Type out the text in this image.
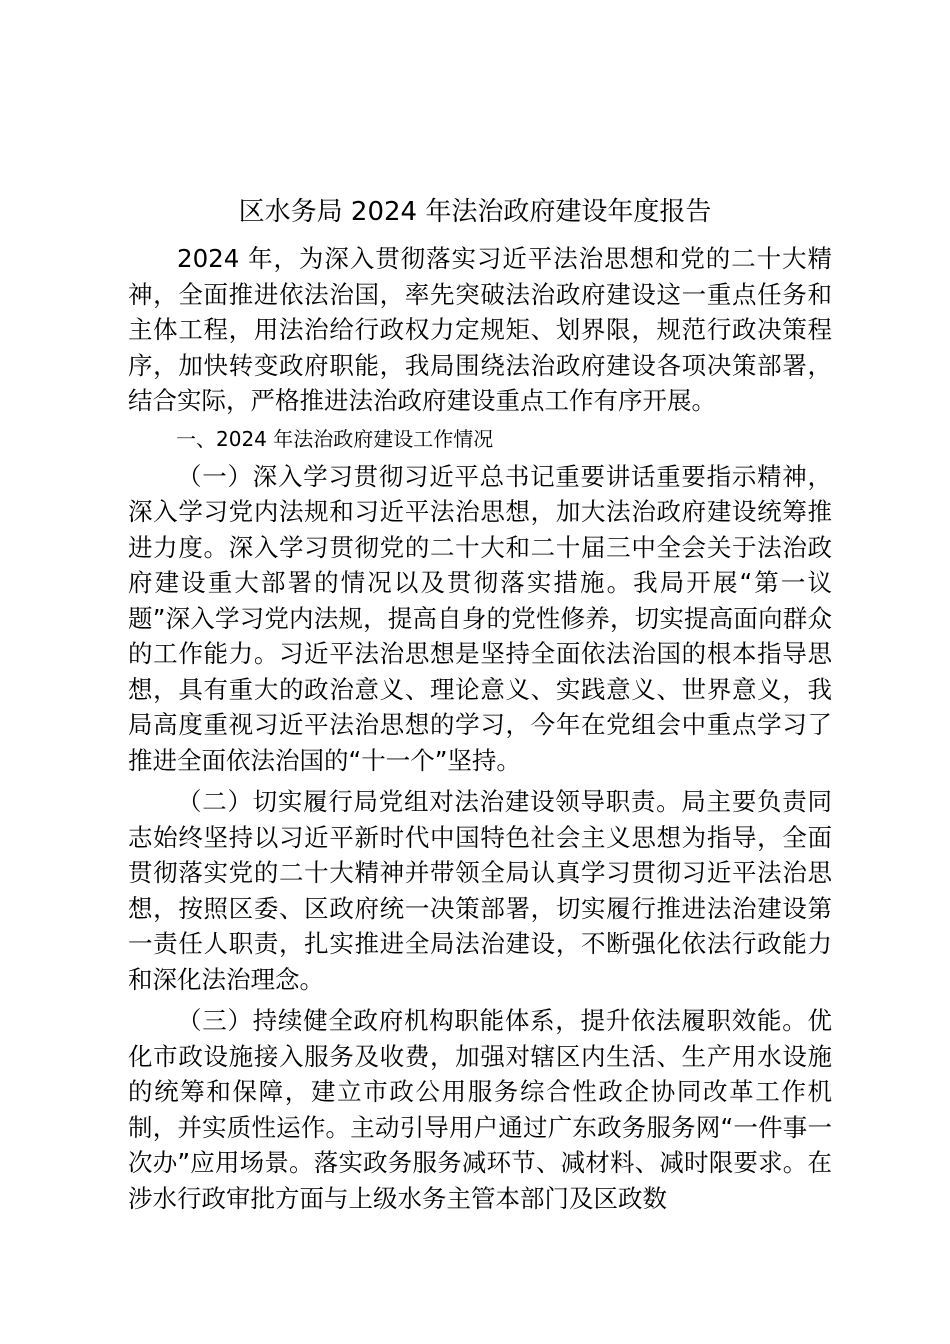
区水务局 2024 年法治政府建设年度报告

2024 年，为深入贯彻落实习近平法治思想和党的二十大精神，全面推进依法治国，率先突破法治政府建设这一重点任务和主体工程，用法治给行政权力定规矩、划界限，规范行政决策程序，加快转变政府职能，我局围绕法治政府建设各项决策部署，结合实际，严格推进法治政府建设重点工作有序开展。

一、2024 年法治政府建设工作情况

（一）深入学习贯彻习近平总书记重要讲话重要指示精神，深入学习党内法规和习近平法治思想，加大法治政府建设统筹推进力度。深入学习贯彻党的二十大和二十届三中全会关于法治政府建设重大部署的情况以及贯彻落实措施。我局开展“第一议题”深入学习党内法规，提高自身的党性修养，切实提高面向群众的工作能力。习近平法治思想是坚持全面依法治国的根本指导思想，具有重大的政治意义、理论意义、实践意义、世界意义，我局高度重视习近平法治思想的学习，今年在党组会中重点学习了推进全面依法治国的“十一个”坚持。

（二）切实履行局党组对法治建设领导职责。局主要负责同志始终坚持以习近平新时代中国特色社会主义思想为指导，全面贯彻落实党的二十大精神并带领全局认真学习贯彻习近平法治思想，按照区委、区政府统一决策部署，切实履行推进法治建设第一责任人职责，扎实推进全局法治建设，不断强化依法行政能力和深化法治理念。

（三）持续健全政府机构职能体系，提升依法履职效能。优化市政设施接入服务及收费，加强对辖区内生活、生产用水设施的统筹和保障，建立市政公用服务综合性政企协同改革工作机制，并实质性运作。主动引导用户通过广东政务服务网“一件事一次办”应用场景。落实政务服务减环节、减材料、减时限要求。在涉水行政审批方面与上级水务主管本部门及区政数
